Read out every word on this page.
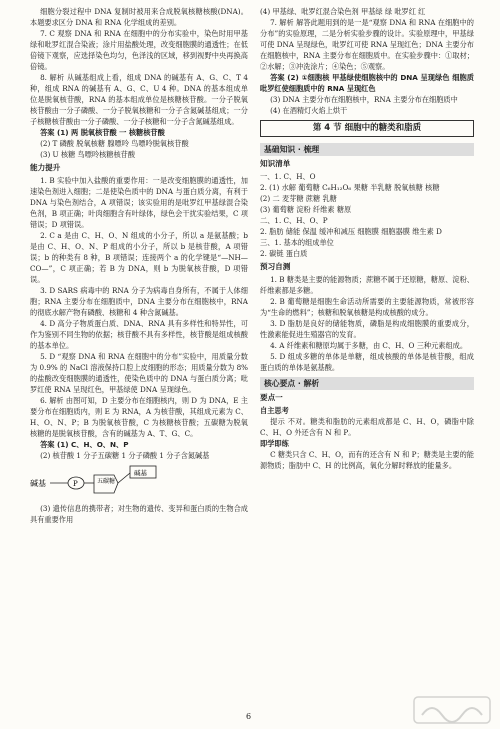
细胞分裂过程中 DNA 复制时被用来合成脱氧核糖核酸(DNA)。本题要求区分 DNA 和 RNA 化学组成的差别。

7. C 观察 DNA 和 RNA 在细胞中的分布实验中，染色时用甲基绿和吡罗红混合染液；涂片用盐酸处理，改变细胞膜的通透性；在低倍镜下观察，应选择染色均匀，色泽浅的区域，移到视野中央再换高倍镜。

8. 解析 从碱基组成上看，组成 DNA 的碱基有 A、G、C、T 4 种，组成 RNA 的碱基有 A、G、C、U 4 种。DNA 的基本组成单位是脱氧核苷酸，RNA 的基本组成单位是核糖核苷酸。一分子脱氧核苷酸由一分子磷酸、一分子脱氧核糖和一分子含氮碱基组成；一分子核糖核苷酸由一分子磷酸、一分子核糖和一分子含氮碱基组成。

答案 (1) 两 脱氧核苷酸 一 核糖核苷酸

(2) T 磷酸 脱氧核糖 腺嘌呤 鸟嘌呤脱氧核苷酸

(3) U 核糖 鸟嘌呤核糖核苷酸

能力提升

1. B 实验中加入盐酸的重要作用：一是改变细胞膜的通透性，加速染色剂进入细胞；二是使染色质中的 DNA 与蛋白质分离，有利于 DNA 与染色剂结合，A 项错误；该实验用的是吡罗红甲基绿混合染色剂，B 项正确；叶肉细胞含有叶绿体，绿色会干扰实验结果，C 项错误；D 项错误。

2. C a 是由 C、H、O、N 组成的小分子，所以 a 是氨基酸；b 是由 C、H、O、N、P 组成的小分子，所以 b 是核苷酸，A 项错误；b 的种类有 8 种，B 项错误；连接两个 a 的化学键是“—NH—CO—”，C 项正确；若 B 为 DNA，则 b 为脱氧核苷酸，D 项错误。

3. D SARS 病毒中的 RNA 分子为病毒自身所有，不属于人体细胞；RNA 主要分布在细胞质中，DNA 主要分布在细胞核中，RNA 的彻底水解产物有磷酸、核糖和 4 种含氮碱基。

4. D 高分子物质蛋白质、DNA、RNA 具有多样性和特异性，可作为鉴别不同生物的依据；核苷酸不具有多样性，核苷酸是组成核酸的基本单位。

5. D “观察 DNA 和 RNA 在细胞中的分布”实验中，用质量分数为 0.9% 的 NaCl 溶液保持口腔上皮细胞的形态；用质量分数为 8% 的盐酸改变细胞膜的通透性，使染色质中的 DNA 与蛋白质分离；吡罗红使 RNA 呈现红色，甲基绿使 DNA 呈现绿色。

6. 解析 由图可知，D 主要分布在细胞核内，则 D 为 DNA，E 主要分布在细胞质内，则 E 为 RNA，A 为核苷酸，其组成元素为 C、H、O、N、P；B 为脱氧核苷酸，C 为核糖核苷酸；五碳糖为脱氧核糖的是脱氧核苷酸，含有的碱基为 A、T、G、C。

答案 (1) C、H、O、N、P

(2) 核苷酸 1 分子五碳糖 1 分子磷酸 1 分子含氮碱基

碱基	P	五碳糖
碱基

(3) 遗传信息的携带者；对生物的遗传、变异和蛋白质的生物合成具有重要作用

(4) 甲基绿、吡罗红混合染色剂 甲基绿 绿 吡罗红 红

7. 解析 解答此题用到的是一是“观察 DNA 和 RNA 在细胞中的分布”的实验原理，二是分析实验步骤的设计。实验原理中，甲基绿可使 DNA 呈现绿色，吡罗红可使 RNA 呈现红色；DNA 主要分布在细胞核中，RNA 主要分布在细胞质中。在实验步骤中：①取材；②水解；③冲洗涂片；④染色；⑤观察。

答案 (2) ①细胞核 甲基绿使细胞核中的 DNA 呈现绿色 细胞质 吡罗红使细胞质中的 RNA 呈现红色

(3) DNA 主要分布在细胞核中，RNA 主要分布在细胞质中

(4) 在酒精灯火焰上烘干

第 4 节 细胞中的糖类和脂质
基础知识 · 梳理
知识清单

一、1. C、H、O

2. (1) 水解 葡萄糖 C₆H₁₂O₆ 果糖 半乳糖 脱氧核糖 核糖

(2) 二 麦芽糖 蔗糖 乳糖

(3) 葡萄糖 淀粉 纤维素 糖原

二、1. C、H、O、P

2. 脂肪 储能 保温 缓冲和减压 细胞膜 细胞器膜 维生素 D

三、1. 基本的组成单位

2. 碳链 蛋白质

预习自测

1. B 糖类是主要的能源物质；蔗糖不属于还原糖，糖原、淀粉、纤维素都是多糖。

2. B 葡萄糖是细胞生命活动所需要的主要能源物质，常被形容为“生命的燃料”；核糖和脱氧核糖是构成核酸的成分。

3. D 脂肪是良好的储能物质，磷脂是构成细胞膜的重要成分，性激素能促进生殖器官的发育。

4. A 纤维素和糖原均属于多糖，由 C、H、O 三种元素组成。

5. D 组成多糖的单体是单糖，组成核酸的单体是核苷酸，组成蛋白质的单体是氨基酸。

核心要点 · 解析
要点一

自主思考

提示 不对。糖类和脂肪的元素组成都是 C、H、O，磷脂中除 C、H、O 外还含有 N 和 P。

即学即练

C 糖类只含 C、H、O，而有的还含有 N 和 P；糖类是主要的能源物质；脂肪中 C、H 的比例高，氧化分解时释放的能量多。

6
